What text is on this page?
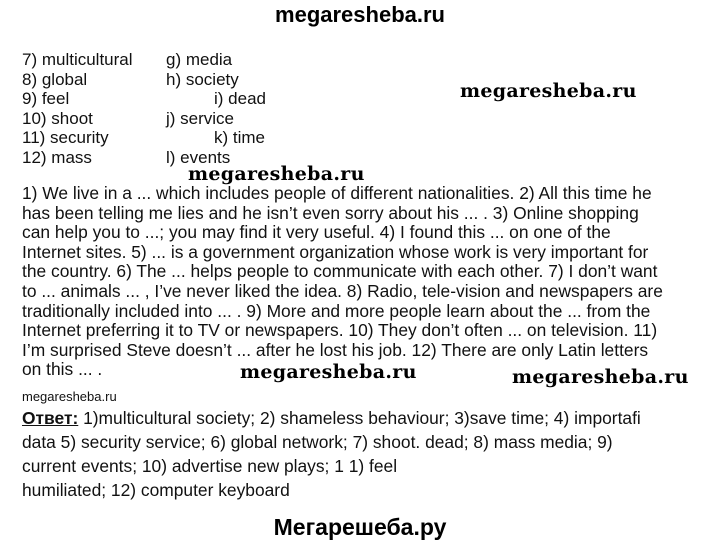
megaresheba.ru
7) multicultural
8) global
9) feel
10) shoot
11) security
12) mass
g) media
h) society
i) dead
j) service
k) time
l) events
megaresheba.ru
megaresheba.ru
1) We live in a ... which includes people of different nationalities. 2) All this time he
has been telling me lies and he isn’t even sorry about his ... . 3) Online shopping
can help you to ...; you may find it very useful. 4) I found this ... on one of the
Internet sites. 5) ... is a government organization whose work is very important for
the country. 6) The ... helps people to communicate with each other. 7) I don’t want
to ... animals ... , I’ve never liked the idea. 8) Radio, tele-vision and newspapers are
traditionally included into ... . 9) More and more people learn about the ... from the
Internet preferring it to TV or newspapers. 10) They don’t often ... on television. 11)
I’m surprised Steve doesn’t ... after he lost his job. 12) There are only Latin letters
on this ... .	megaresheba.ru	megaresheba.ru
megaresheba.ru
Ответ: 1)multicultural society; 2) shameless behaviour; 3)save time; 4) importafi
data 5) security service; 6) global network; 7) shoot. dead; 8) mass media; 9)
current events; 10) advertise new plays; 1 1) feel
humiliated; 12) computer keyboard
Мегарешеба.ру
